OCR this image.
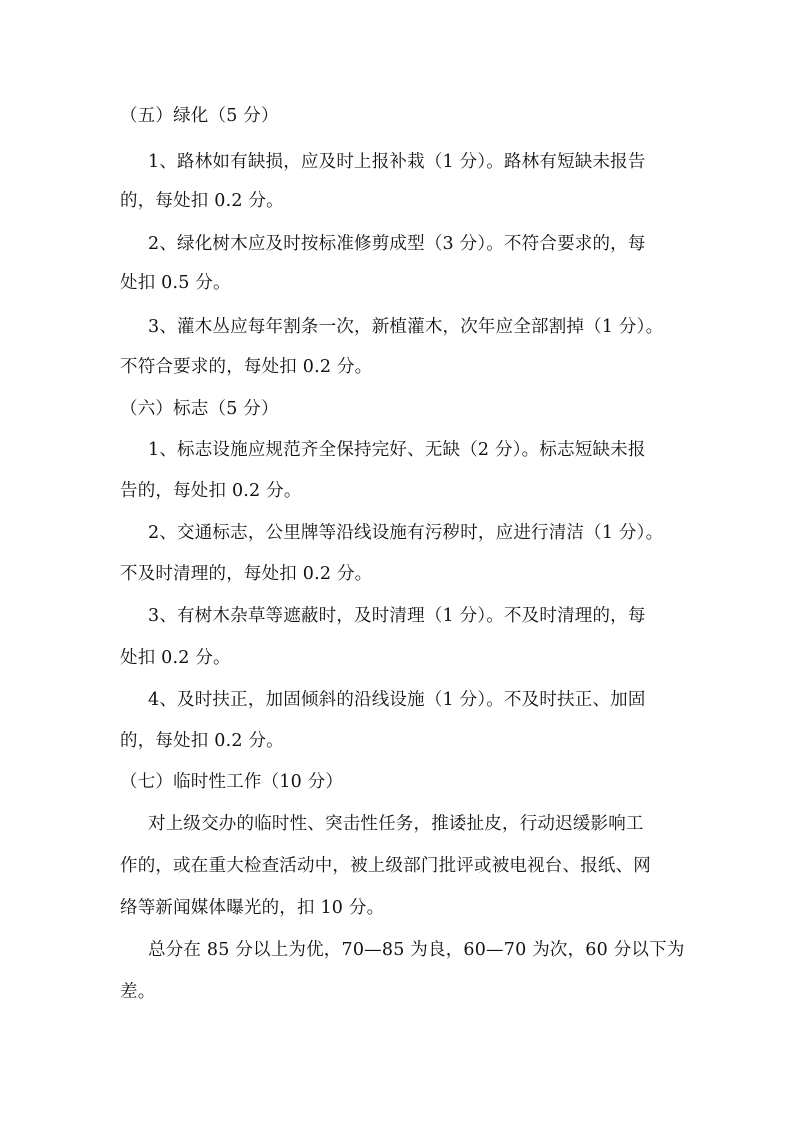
（五）绿化（5 分）
1、路林如有缺损，应及时上报补栽（1 分）。路林有短缺未报告
的，每处扣 0.2 分。
2、绿化树木应及时按标准修剪成型（3 分）。不符合要求的，每
处扣 0.5 分。
3、灌木丛应每年割条一次，新植灌木，次年应全部割掉（1 分）。
不符合要求的，每处扣 0.2 分。
（六）标志（5 分）
1、标志设施应规范齐全保持完好、无缺（2 分）。标志短缺未报
告的，每处扣 0.2 分。
2、交通标志，公里牌等沿线设施有污秽时，应进行清洁（1 分）。
不及时清理的，每处扣 0.2 分。
3、有树木杂草等遮蔽时，及时清理（1 分）。不及时清理的，每
处扣 0.2 分。
4、及时扶正，加固倾斜的沿线设施（1 分）。不及时扶正、加固
的，每处扣 0.2 分。
（七）临时性工作（10 分）
对上级交办的临时性、突击性任务，推诿扯皮，行动迟缓影响工
作的，或在重大检查活动中，被上级部门批评或被电视台、报纸、网
络等新闻媒体曝光的，扣 10 分。
总分在 85 分以上为优，70—85 为良，60—70 为次，60 分以下为
差。
